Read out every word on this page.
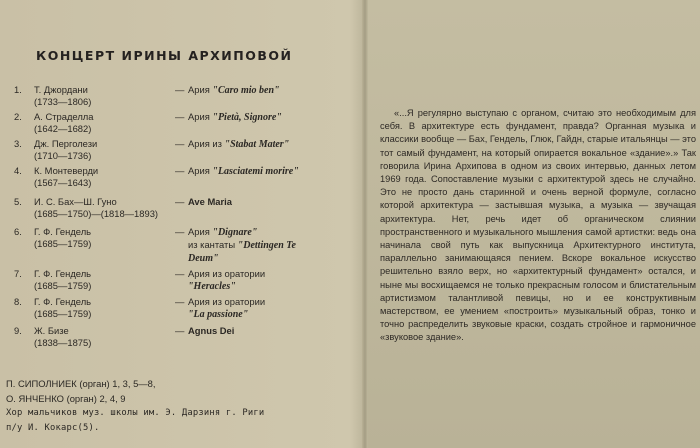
КОНЦЕРТ ИРИНЫ АРХИПОВОЙ
1.	Т. Джордани
(1733—1806)
— Ария "Caro mio ben"
2.	А. Страделла
(1642—1682)
— Ария "Pietà, Signore"
3.	Дж. Перголези
(1710—1736)
— Ария из "Stabat Mater"
4.	К. Монтеверди
(1567—1643)
— Ария "Lasciatemi morire"
5.	И. С. Бах—Ш. Гуно
(1685—1750)—(1818—1893)
— Ave Maria
6.	Г. Ф. Гендель
(1685—1759)
— Ария "Dignare"
из кантаты "Dettingen Te
Deum"
7.	Г. Ф. Гендель
(1685—1759)
— Ария из оратории
"Heracles"
8.	Г. Ф. Гендель
(1685—1759)
— Ария из оратории
"La passione"
9.	Ж. Бизе
(1838—1875)
— Agnus Dei
П. СИПОЛНИЕК (орган) 1, 3, 5—8,
О. ЯНЧЕНКО (орган) 2, 4, 9
Хор мальчиков муз. школы им. Э. Дарзиня г. Риги
п/у И. Кокарс(5).

«...Я регулярно выступаю с органом, считаю это необходимым для себя. В архитектуре есть фундамент, правда? Органная музыка и классики вообще — Бах, Гендель, Глюк, Гайдн, старые итальянцы — это тот самый фундамент, на который опирается вокальное «здание».» Так говорила Ирина Архипова в одном из своих интервью, данных летом 1969 года. Сопоставление музыки с архитектурой здесь не случайно. Это не просто дань старинной и очень верной формуле, согласно которой архитектура — застывшая музыка, а музыка — звучащая архитектура. Нет, речь идет об органическом слиянии пространственного и музыкального мышления самой артистки: ведь она начинала свой путь как выпускница Архитектурного института, параллельно занимающаяся пением. Вскоре вокальное искусство решительно взяло верх, но «архитектурный фундамент» остался, и ныне мы восхищаемся не только прекрасным голосом и блистательным артистизмом талантливой певицы, но и ее конструктивным мастерством, ее умением «построить» музыкальный образ, тонко и точно распределить звуковые краски, создать стройное и гармоничное «звуковое здание».
